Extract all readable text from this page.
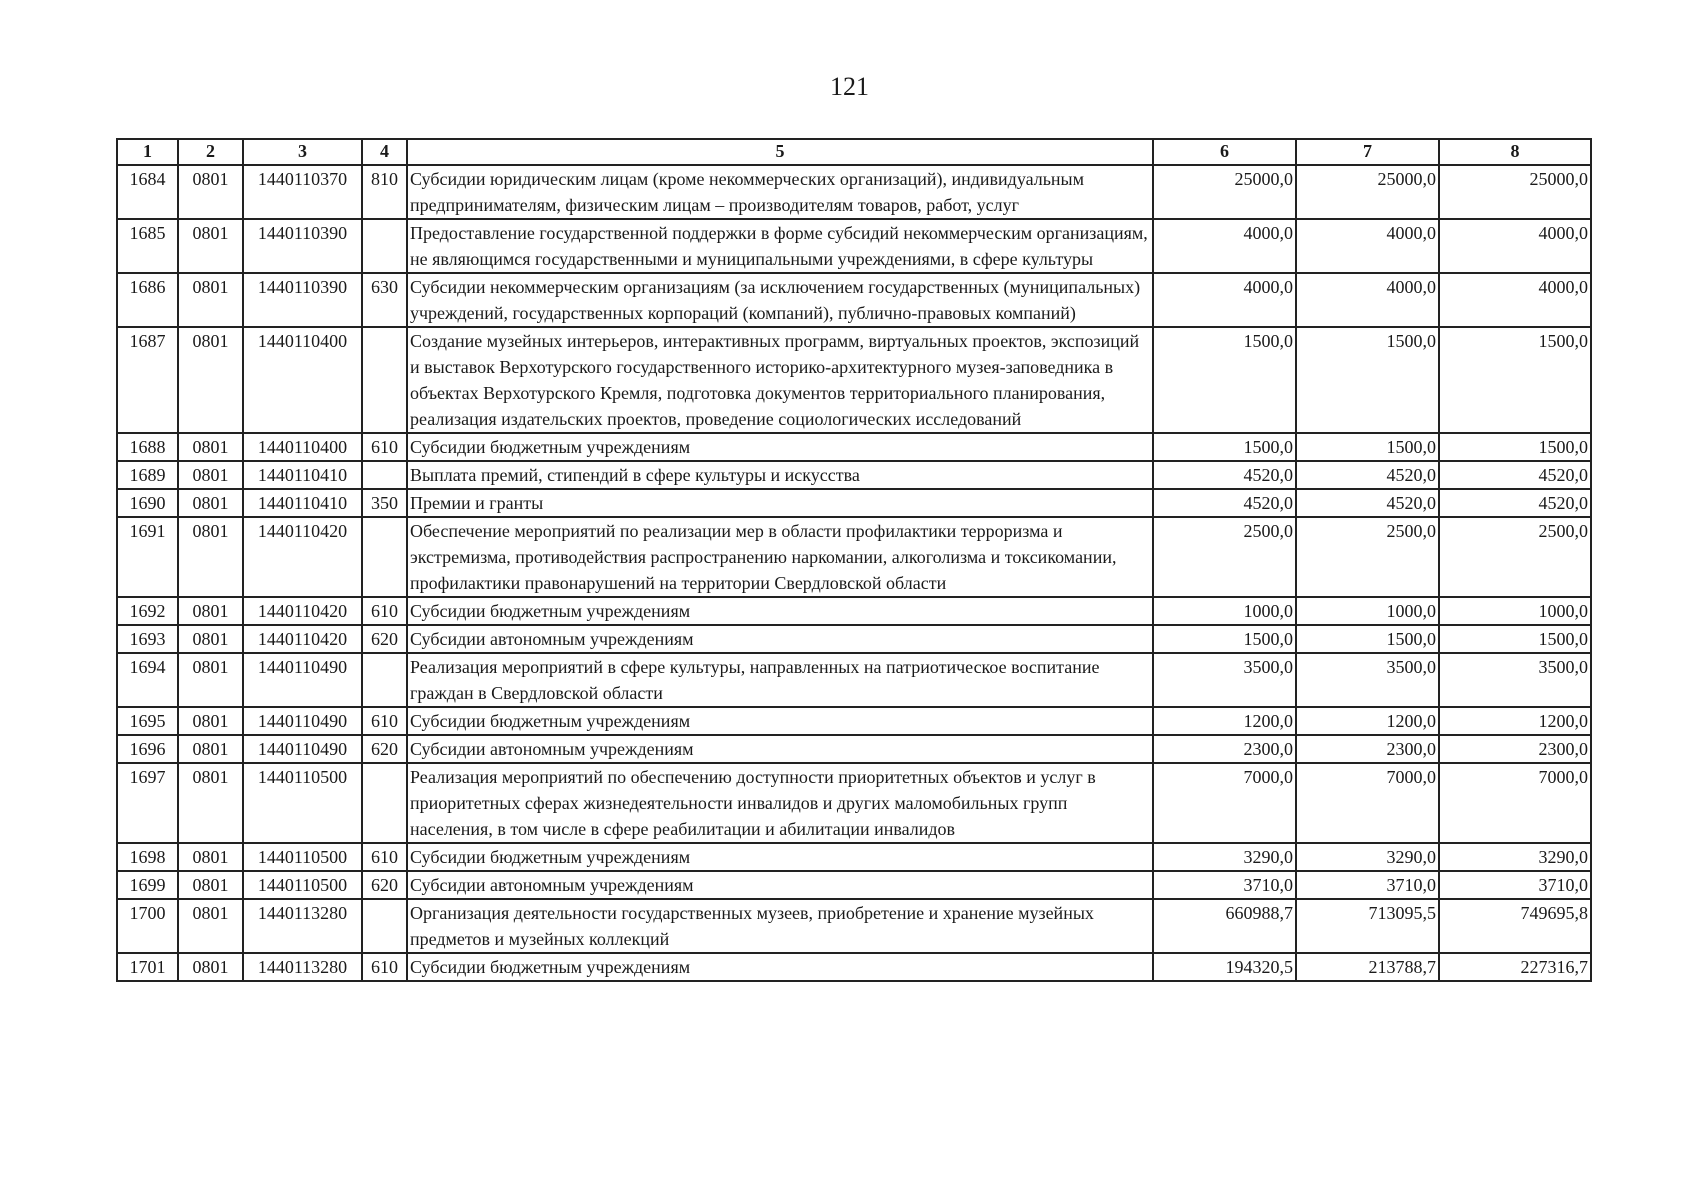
121
1	2	3	4	5	6	7	8
1684	0801	1440110370	810	Субсидии юридическим лицам (кроме некоммерческих организаций), индивидуальным предпринимателям, физическим лицам – производителям товаров, работ, услуг	25000,0	25000,0	25000,0
1685	0801	1440110390		Предоставление государственной поддержки в форме субсидий некоммерческим организациям, не являющимся государственными и муниципальными учреждениями, в сфере культуры	4000,0	4000,0	4000,0
1686	0801	1440110390	630	Субсидии некоммерческим организациям (за исключением государственных (муниципальных) учреждений, государственных корпораций (компаний), публично-правовых компаний)	4000,0	4000,0	4000,0
1687	0801	1440110400		Создание музейных интерьеров, интерактивных программ, виртуальных проектов, экспозиций и выставок Верхотурского государственного историко-архитектурного музея-заповедника в объектах Верхотурского Кремля, подготовка документов территориального планирования, реализация издательских проектов, проведение социологических исследований	1500,0	1500,0	1500,0
1688	0801	1440110400	610	Субсидии бюджетным учреждениям	1500,0	1500,0	1500,0
1689	0801	1440110410		Выплата премий, стипендий в сфере культуры и искусства	4520,0	4520,0	4520,0
1690	0801	1440110410	350	Премии и гранты	4520,0	4520,0	4520,0
1691	0801	1440110420		Обеспечение мероприятий по реализации мер в области профилактики терроризма и экстремизма, противодействия распространению наркомании, алкоголизма и токсикомании, профилактики правонарушений на территории Свердловской области	2500,0	2500,0	2500,0
1692	0801	1440110420	610	Субсидии бюджетным учреждениям	1000,0	1000,0	1000,0
1693	0801	1440110420	620	Субсидии автономным учреждениям	1500,0	1500,0	1500,0
1694	0801	1440110490		Реализация мероприятий в сфере культуры, направленных на патриотическое воспитание граждан в Свердловской области	3500,0	3500,0	3500,0
1695	0801	1440110490	610	Субсидии бюджетным учреждениям	1200,0	1200,0	1200,0
1696	0801	1440110490	620	Субсидии автономным учреждениям	2300,0	2300,0	2300,0
1697	0801	1440110500		Реализация мероприятий по обеспечению доступности приоритетных объектов и услуг в приоритетных сферах жизнедеятельности инвалидов и других маломобильных групп населения, в том числе в сфере реабилитации и абилитации инвалидов	7000,0	7000,0	7000,0
1698	0801	1440110500	610	Субсидии бюджетным учреждениям	3290,0	3290,0	3290,0
1699	0801	1440110500	620	Субсидии автономным учреждениям	3710,0	3710,0	3710,0
1700	0801	1440113280		Организация деятельности государственных музеев, приобретение и хранение музейных предметов и музейных коллекций	660988,7	713095,5	749695,8
1701	0801	1440113280	610	Субсидии бюджетным учреждениям	194320,5	213788,7	227316,7
